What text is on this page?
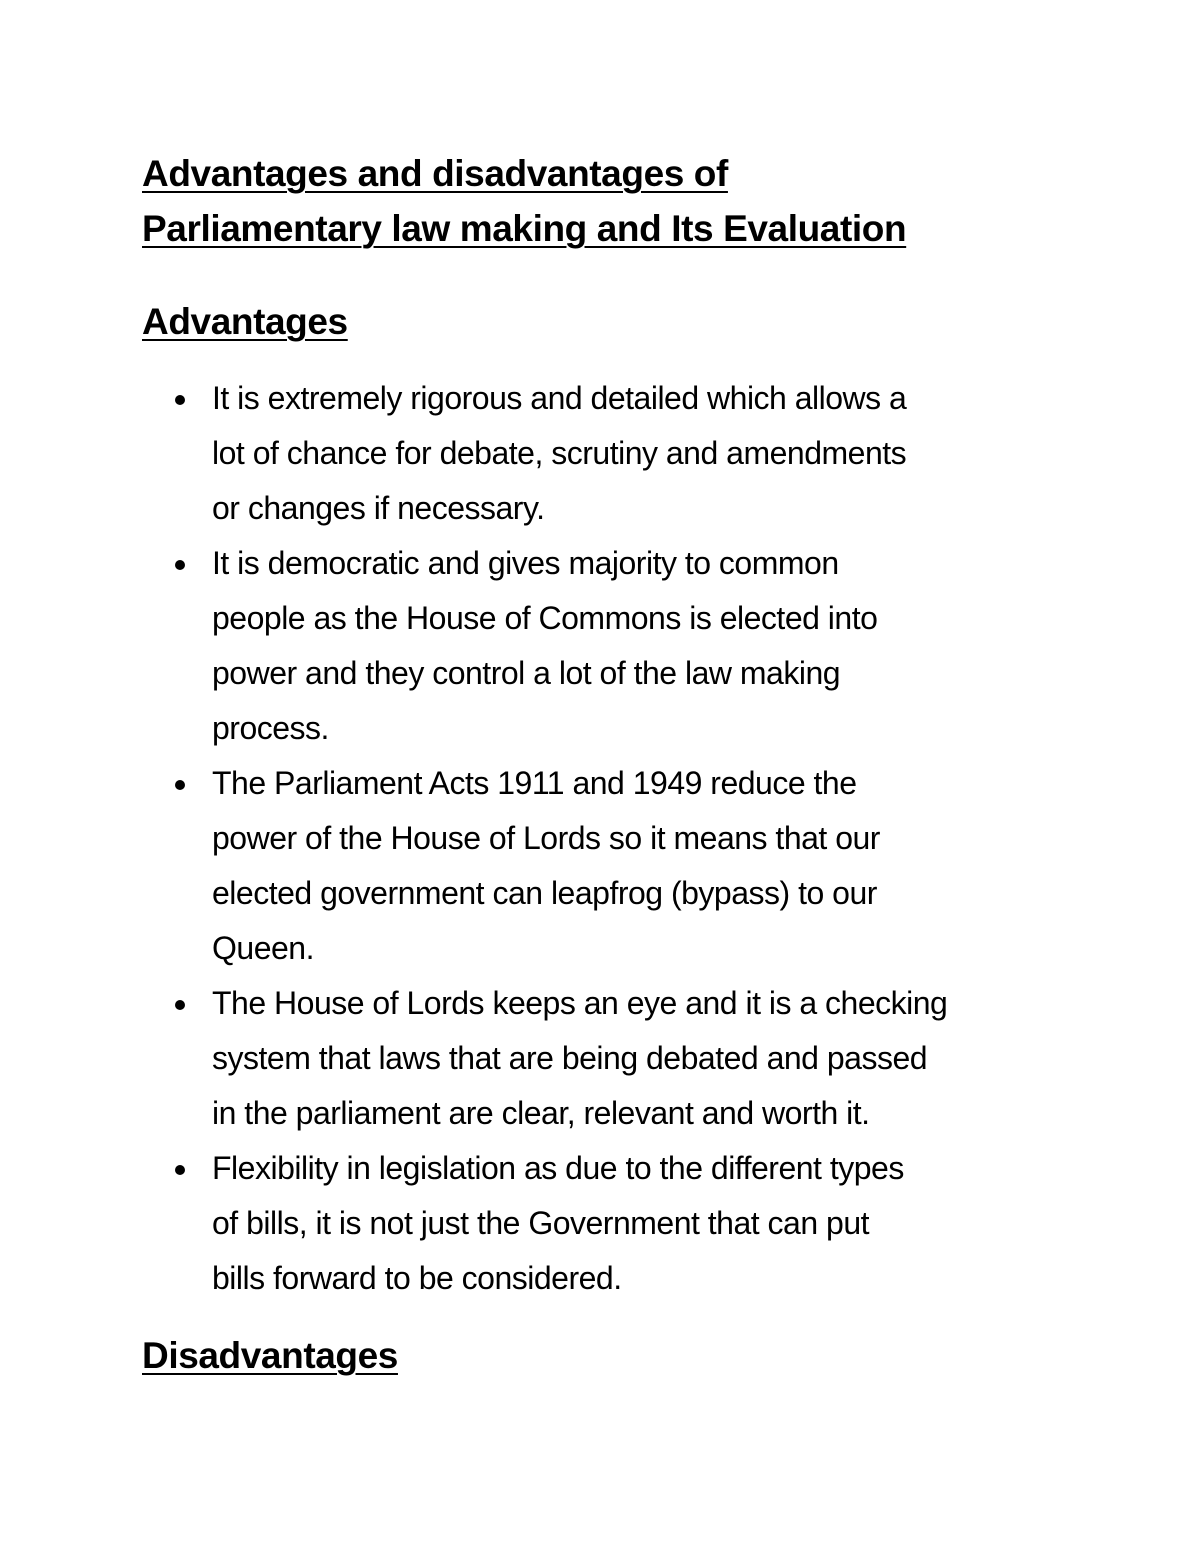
Advantages and disadvantages of
Parliamentary law making and Its Evaluation
Advantages
It is extremely rigorous and detailed which allows a
lot of chance for debate, scrutiny and amendments
or changes if necessary.
It is democratic and gives majority to common
people as the House of Commons is elected into
power and they control a lot of the law making
process.
The Parliament Acts 1911 and 1949 reduce the
power of the House of Lords so it means that our
elected government can leapfrog (bypass) to our
Queen.
The House of Lords keeps an eye and it is a checking
system that laws that are being debated and passed
in the parliament are clear, relevant and worth it.
Flexibility in legislation as due to the different types
of bills, it is not just the Government that can put
bills forward to be considered.
Disadvantages
